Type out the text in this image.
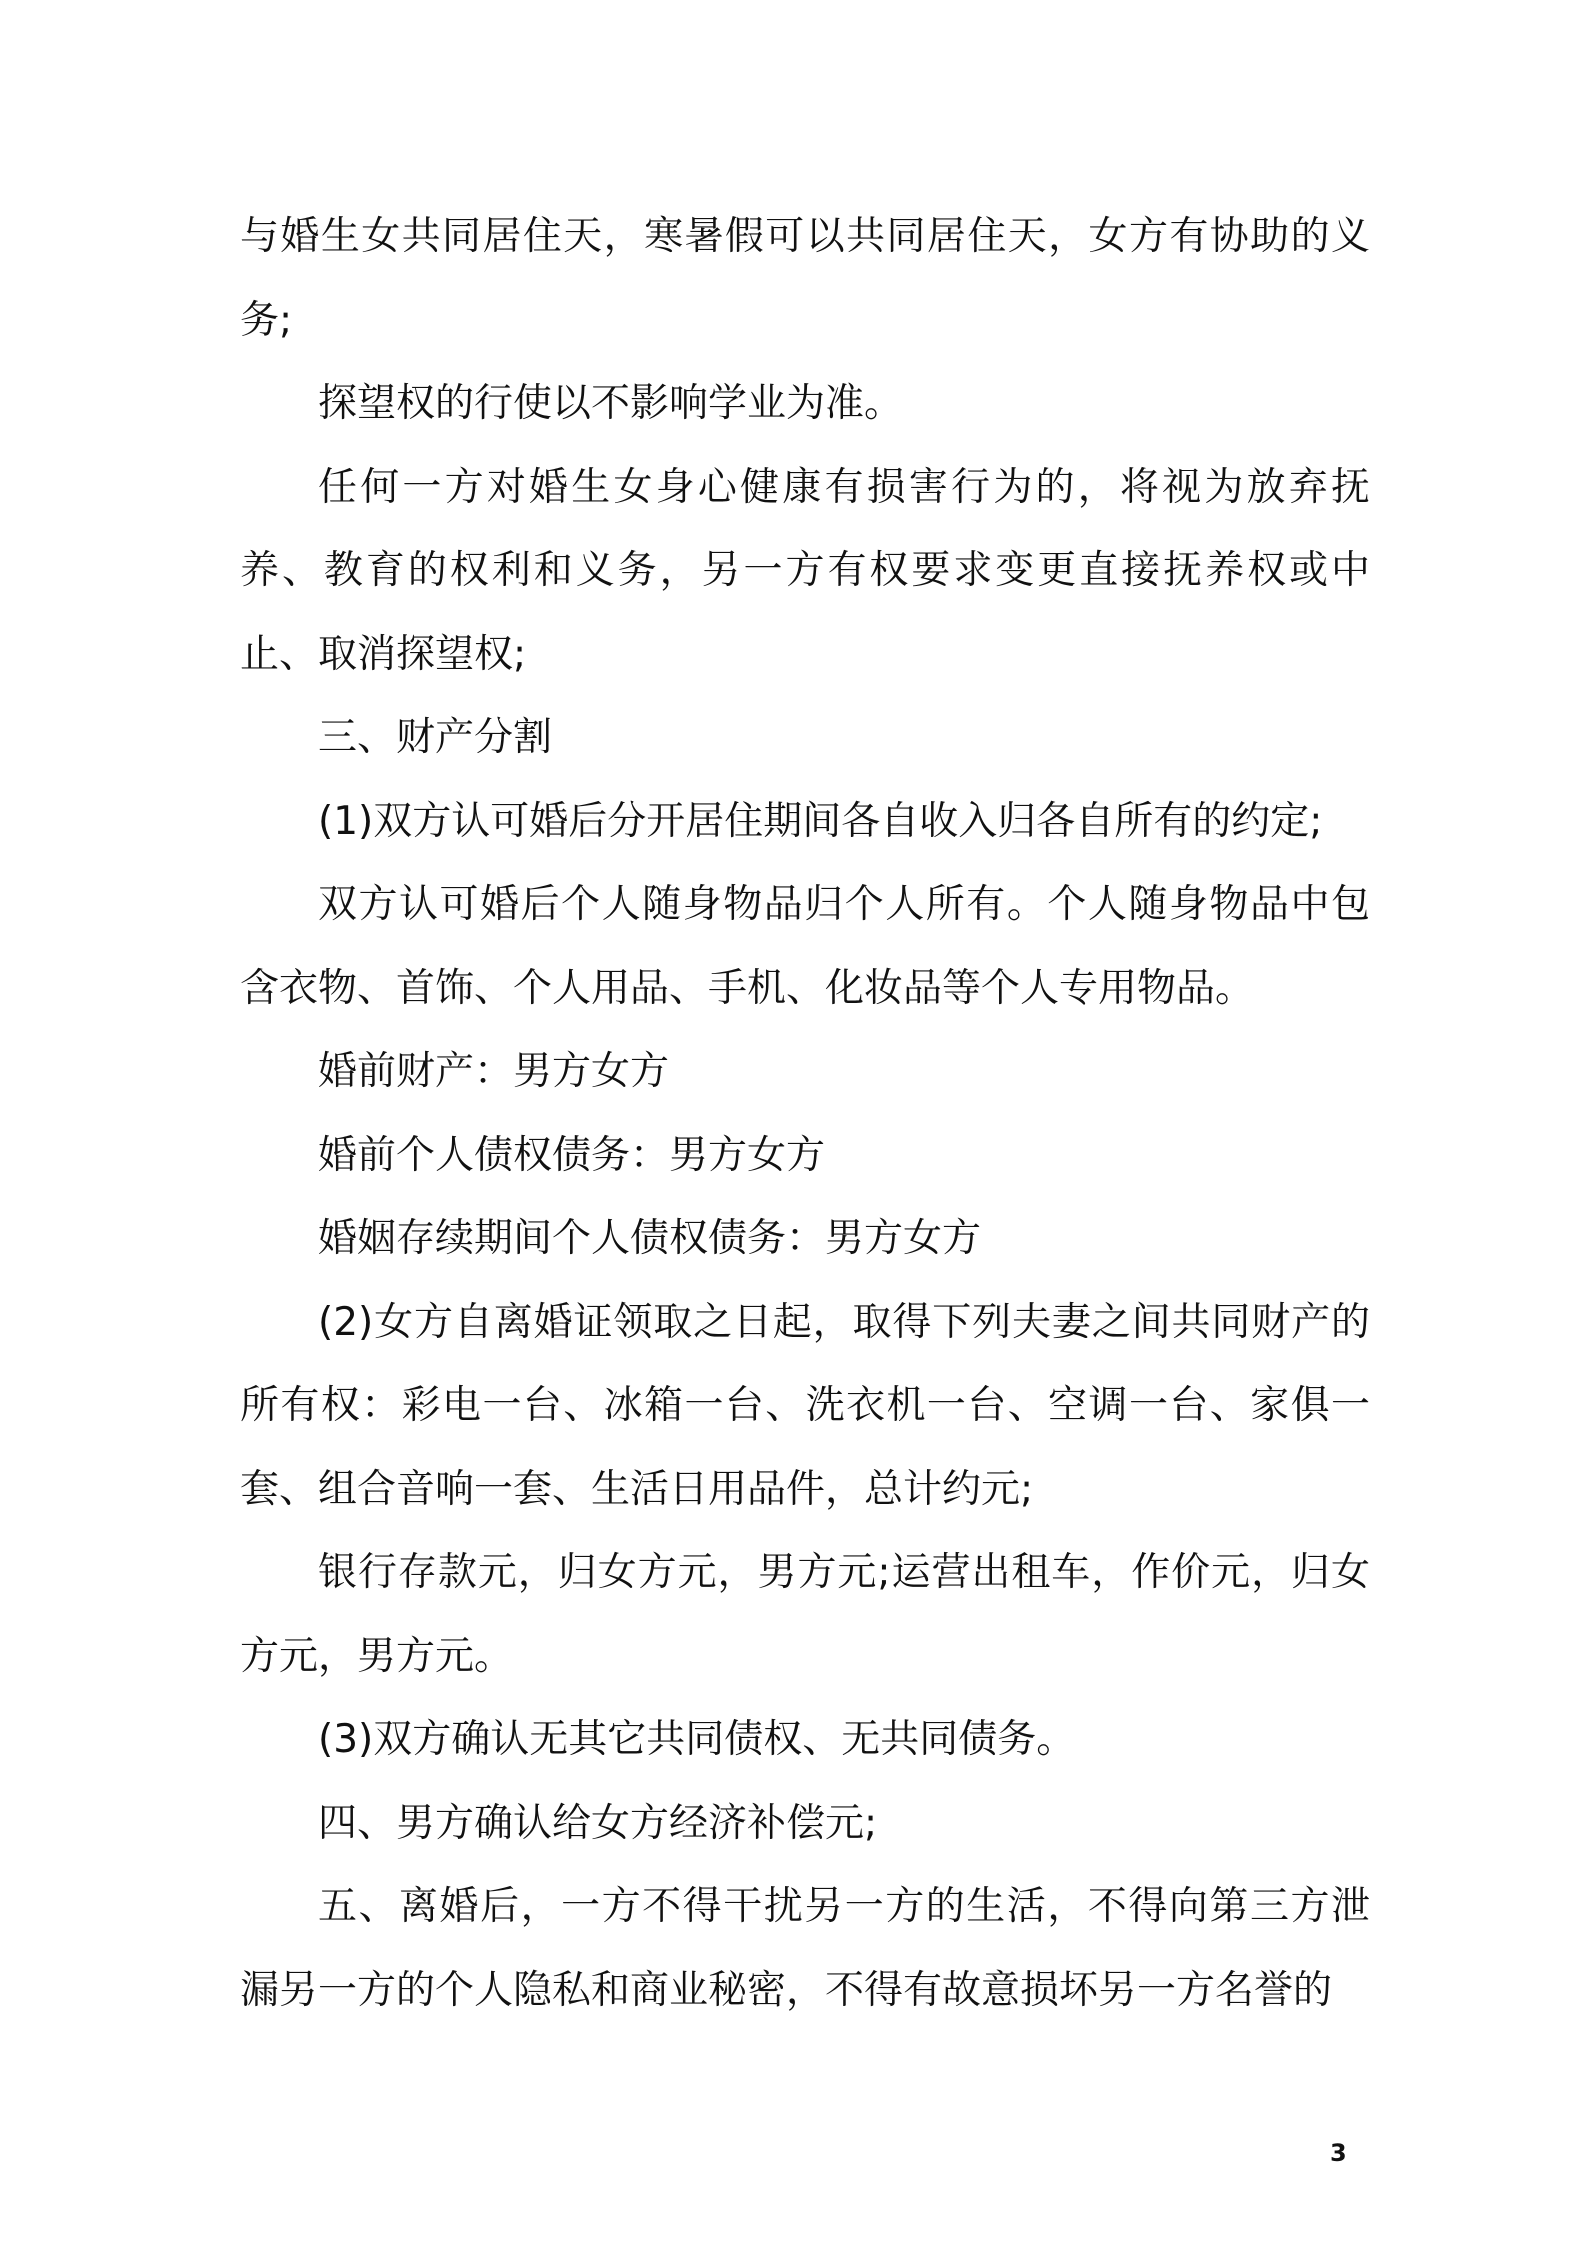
与婚生女共同居住天，寒暑假可以共同居住天，女方有协助的义务;

探望权的行使以不影响学业为准。

任何一方对婚生女身心健康有损害行为的，将视为放弃抚养、教育的权利和义务，另一方有权要求变更直接抚养权或中止、取消探望权;

三、财产分割

(1)双方认可婚后分开居住期间各自收入归各自所有的约定;

双方认可婚后个人随身物品归个人所有。个人随身物品中包含衣物、首饰、个人用品、手机、化妆品等个人专用物品。

婚前财产：男方女方

婚前个人债权债务：男方女方

婚姻存续期间个人债权债务：男方女方

(2)女方自离婚证领取之日起，取得下列夫妻之间共同财产的所有权：彩电一台、冰箱一台、洗衣机一台、空调一台、家俱一套、组合音响一套、生活日用品件，总计约元;

银行存款元，归女方元，男方元;运营出租车，作价元，归女方元，男方元。

(3)双方确认无其它共同债权、无共同债务。

四、男方确认给女方经济补偿元;

五、离婚后，一方不得干扰另一方的生活，不得向第三方泄漏另一方的个人隐私和商业秘密，不得有故意损坏另一方名誉的

3
